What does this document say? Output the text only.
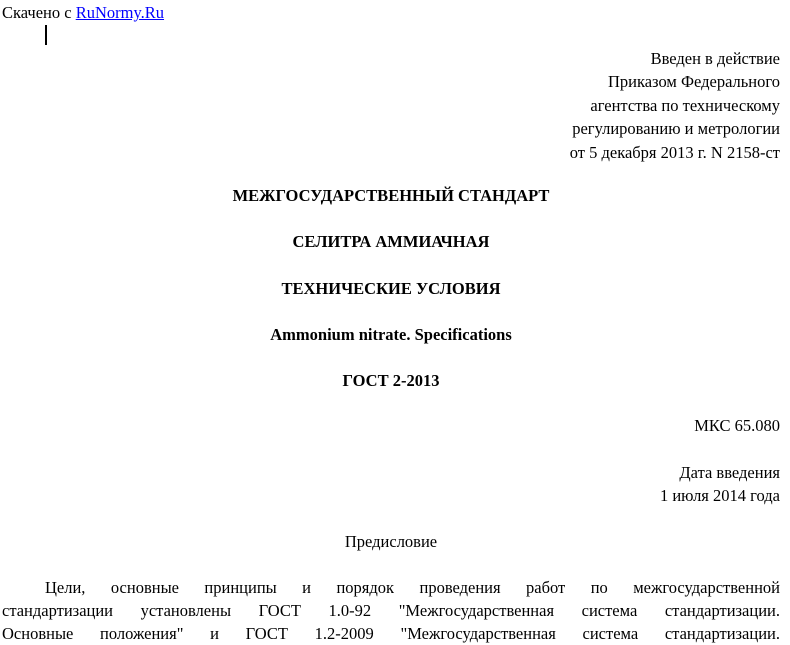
Скачено с RuNormy.Ru
Введен в действие
Приказом Федерального
агентства по техническому
регулированию и метрологии
от 5 декабря 2013 г. N 2158-ст
МЕЖГОСУДАРСТВЕННЫЙ СТАНДАРТ
СЕЛИТРА АММИАЧНАЯ
ТЕХНИЧЕСКИЕ УСЛОВИЯ
Ammonium nitrate. Specifications
ГОСТ 2-2013
МКС 65.080
Дата введения
1 июля 2014 года
Предисловие
Цели, основные принципы и порядок проведения работ по межгосударственной
стандартизации установлены ГОСТ 1.0-92 "Межгосударственная система стандартизации.
Основные положения" и ГОСТ 1.2-2009 "Межгосударственная система стандартизации.
